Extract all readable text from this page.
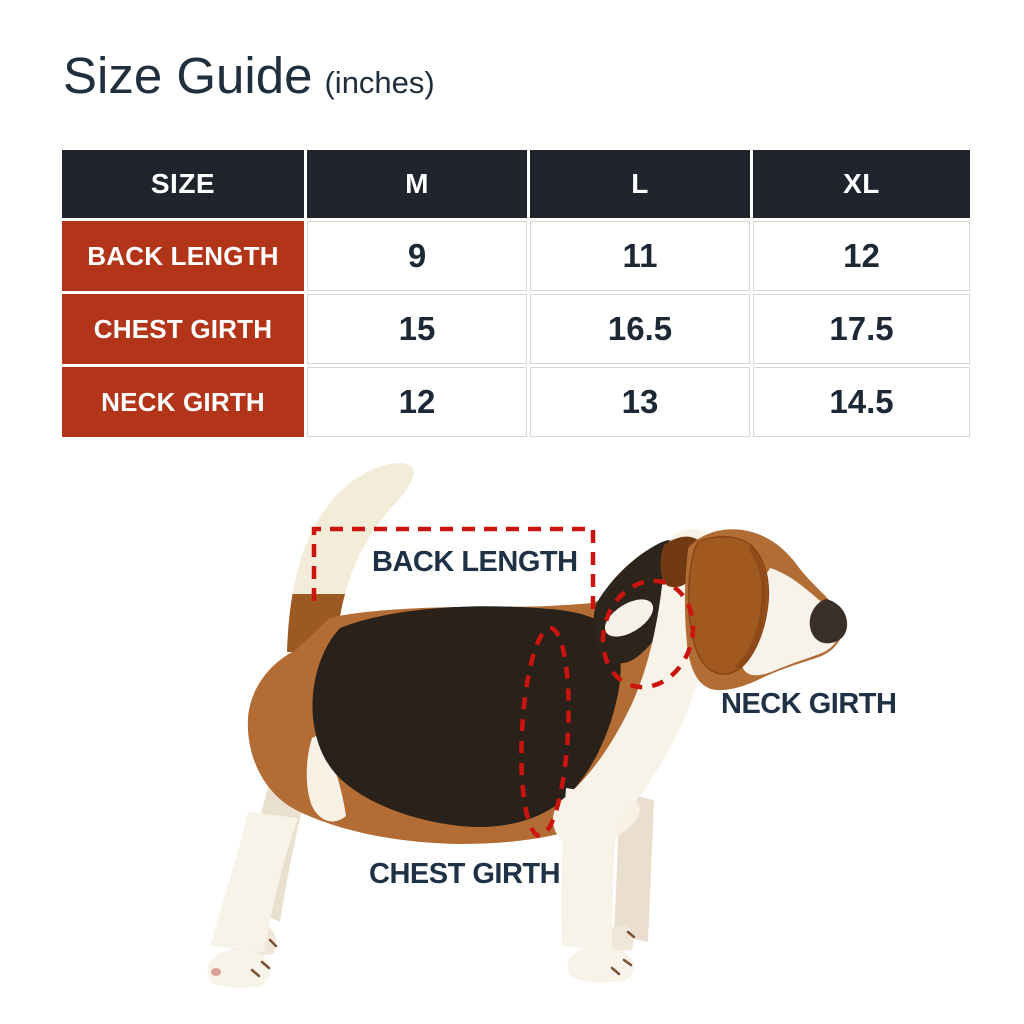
Size Guide (inches)
SIZE	M	L	XL
BACK LENGTH	9	11	12
CHEST GIRTH	15	16.5	17.5
NECK GIRTH	12	13	14.5
BACK LENGTH
NECK GIRTH
CHEST GIRTH
